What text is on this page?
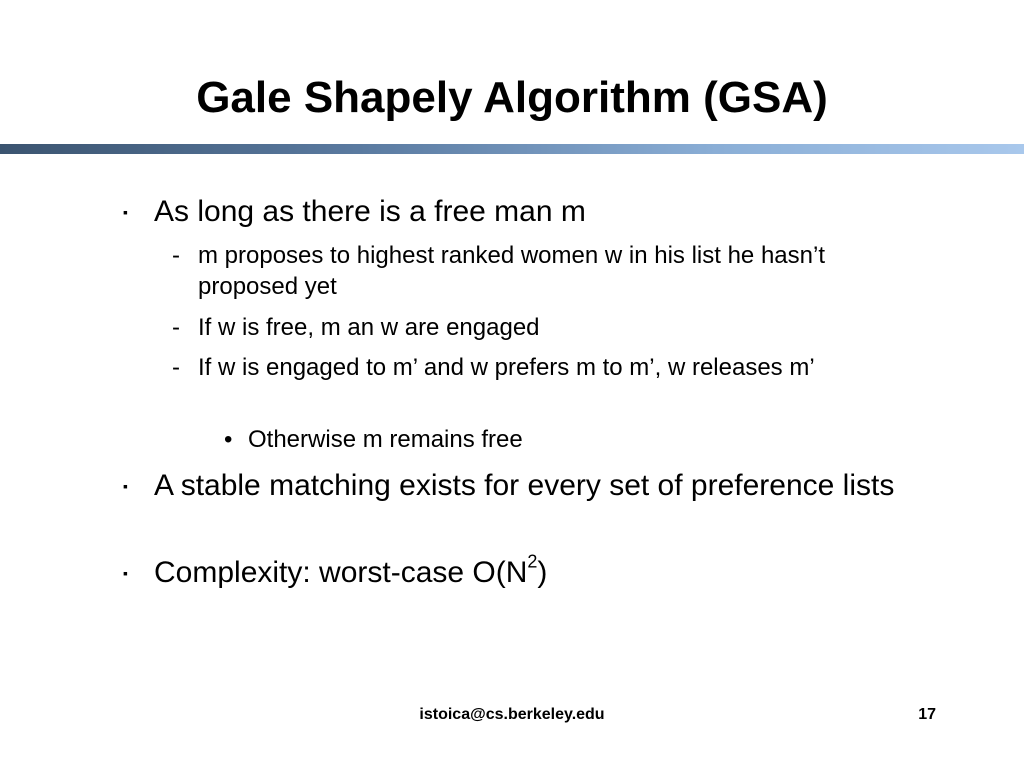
Gale Shapely Algorithm (GSA)
▪ As long as there is a free man m
- m proposes to highest ranked women w in his list he hasn’t proposed yet
- If w is free, m an w are engaged
- If w is engaged to m’ and w prefers m to m’, w releases m’
• Otherwise m remains free
▪ A stable matching exists for every set of preference lists
▪ Complexity: worst-case $O(N^2)$
istoica@cs.berkeley.edu	17
